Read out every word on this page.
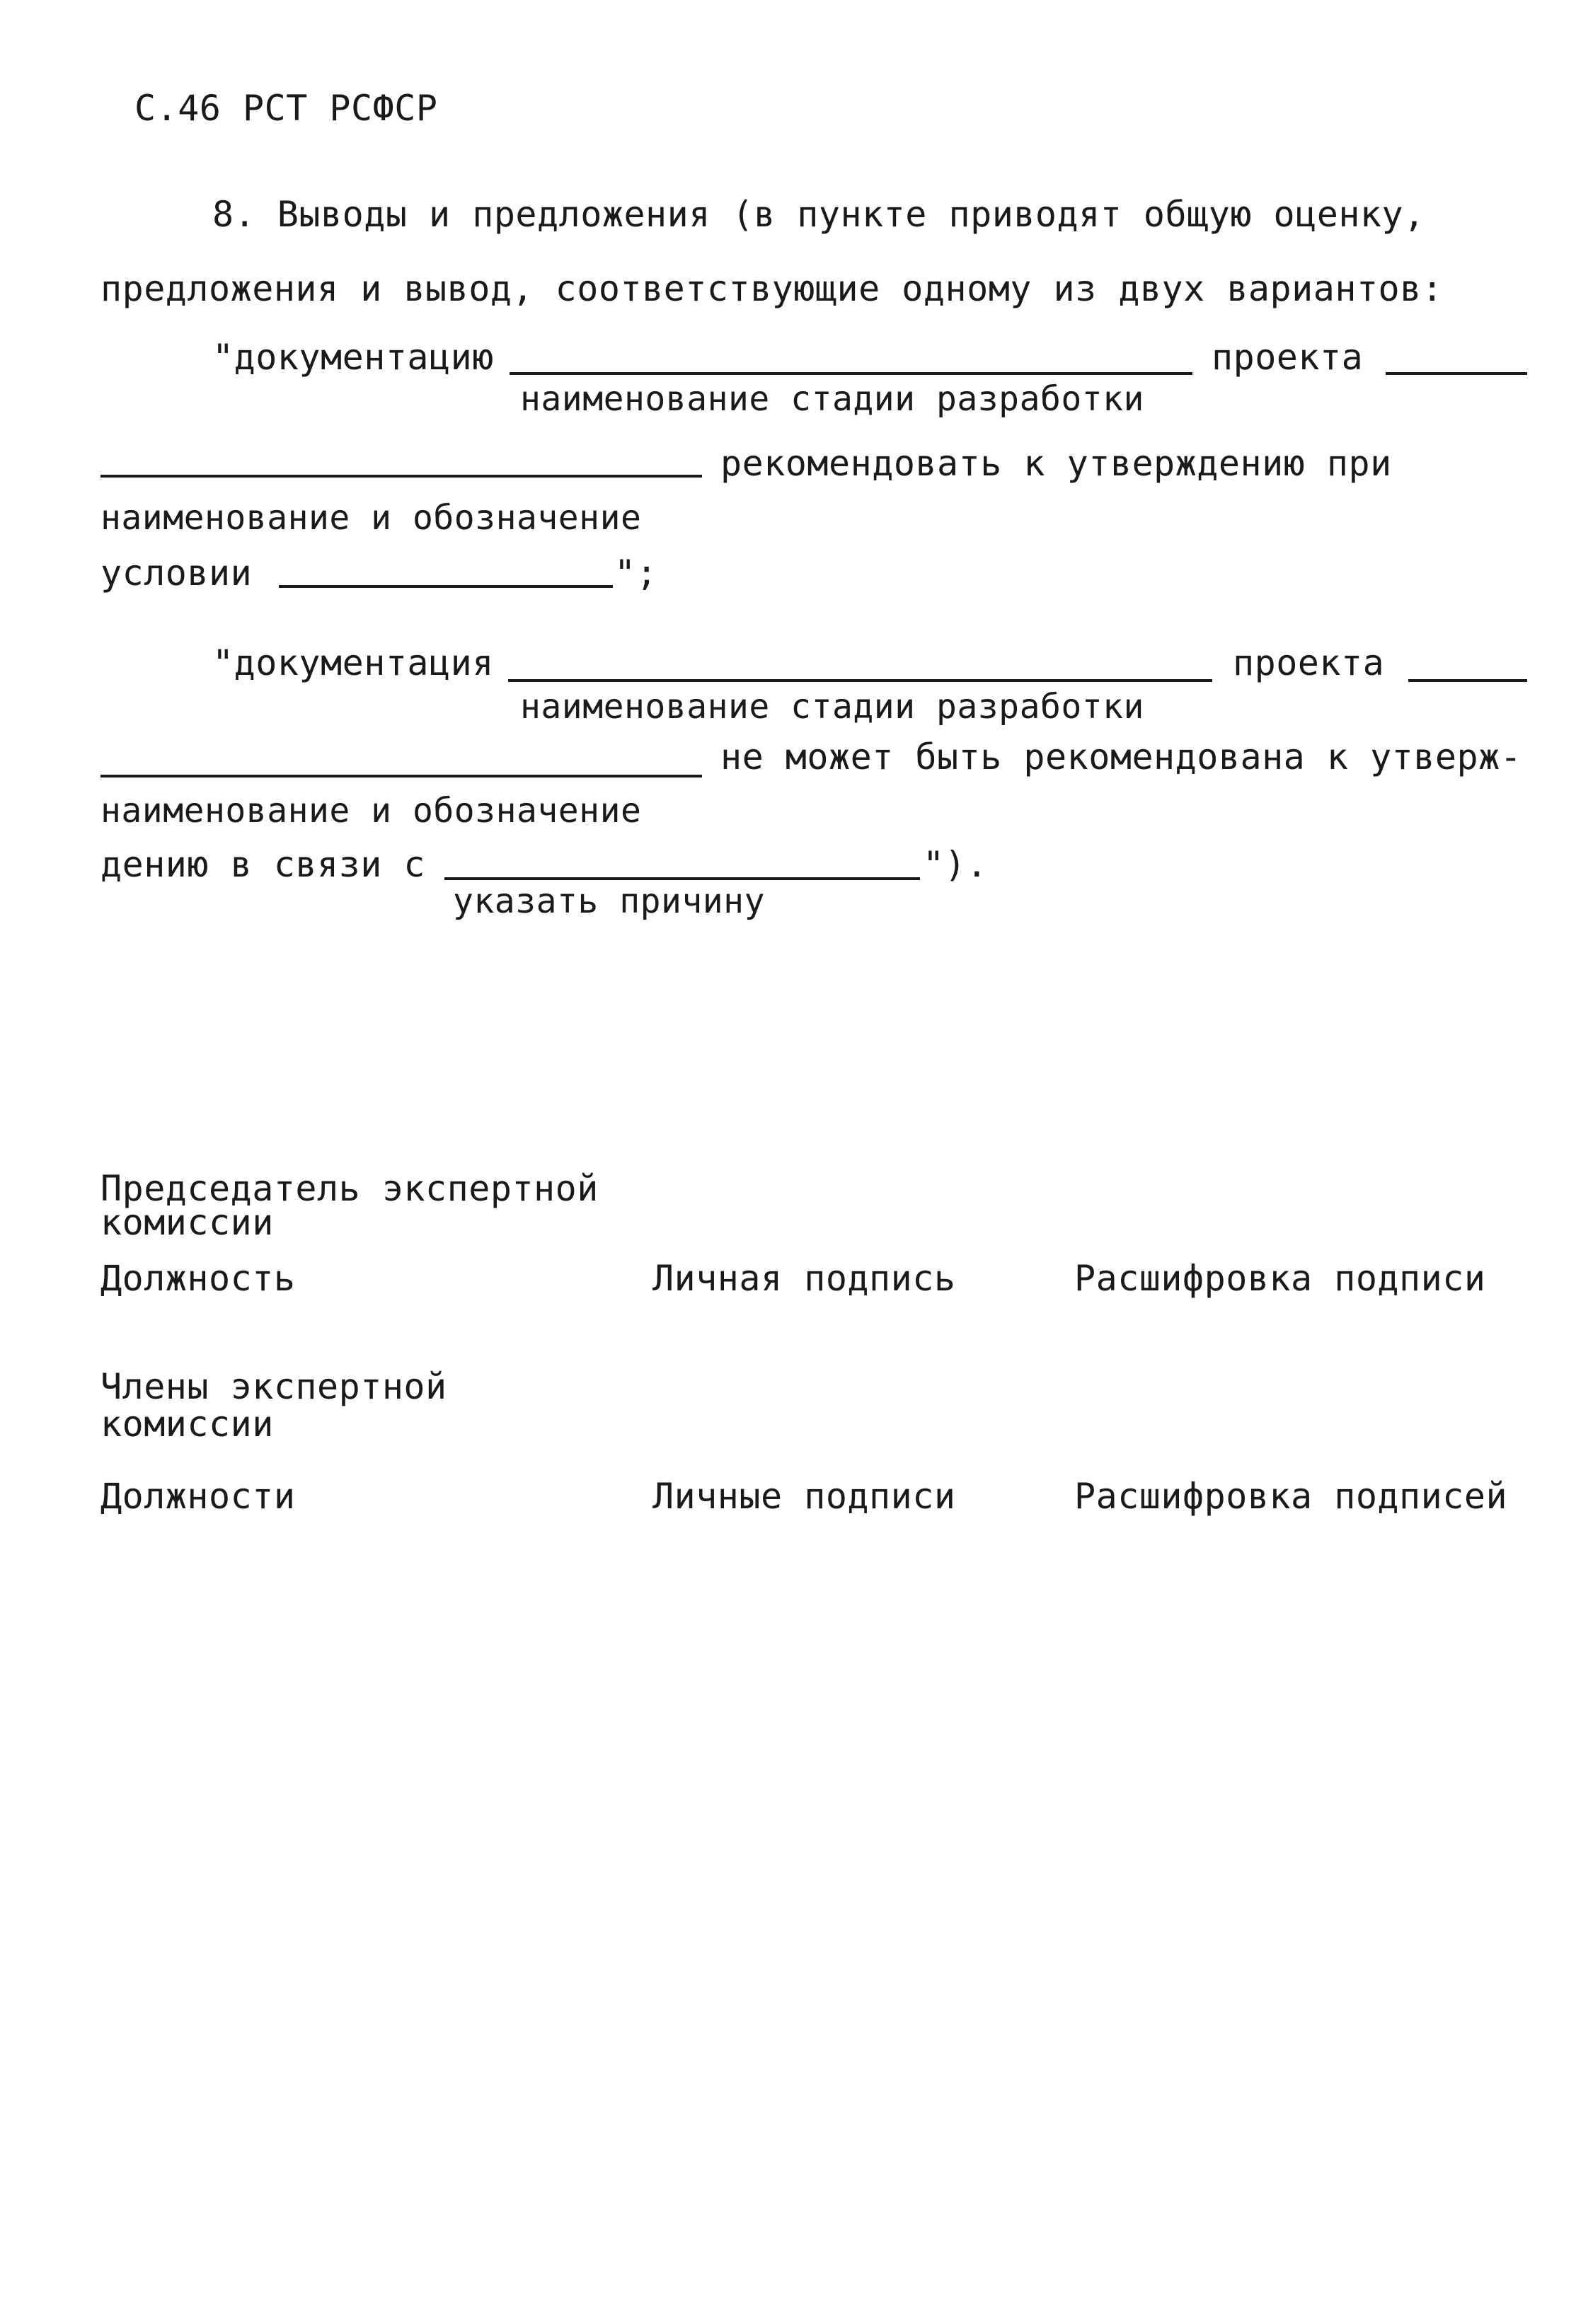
С.46 РСТ РСФСР
8. Выводы и предложения (в пункте приводят общую оценку,
предложения и вывод, соответствующие одному из двух вариантов:
"документацию	проекта
наименование стадии разработки
рекомендовать к утверждению при
наименование и обозначение
условии	";
"документация	проекта
наименование стадии разработки
не может быть рекомендована к утверж-
наименование и обозначение
дению в связи с	").
указать причину
Председатель экспертной
комиссии
Должность	Личная подпись	Расшифровка подписи
Члены экспертной
комиссии
Должности	Личные подписи	Расшифровка подписей
